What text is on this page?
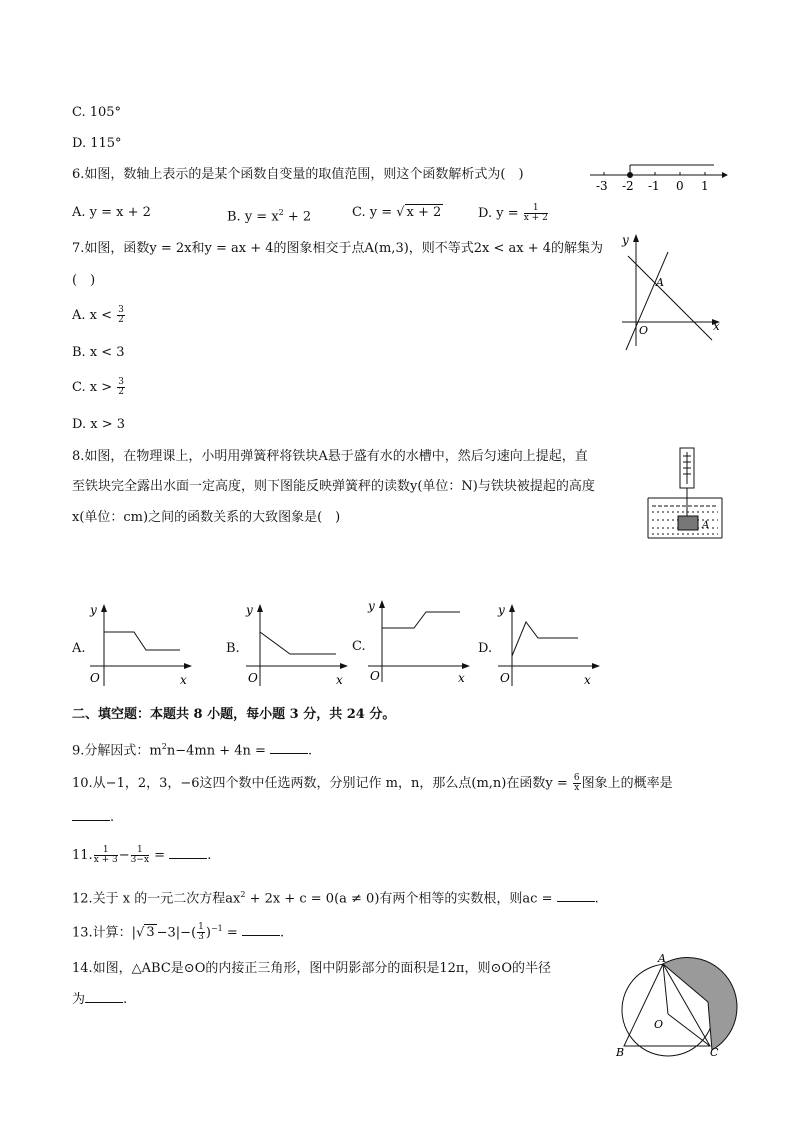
C. 105°
D. 115°
6.如图，数轴上表示的是某个函数自变量的取值范围，则这个函数解析式为(　)
-3 -2 -1 0 1
A. y = x + 2	B. $y = x^2 + 2$	C. y = √ x + 2	D. $y = \frac{1}{x + 2}$
7.如图，函数y = 2x和y = ax + 4的图象相交于点A(m,3)，则不等式2x < ax + 4的解集为
(　)
A. $x < \frac{3}{2}$
B. x < 3
C. $x > \frac{3}{2}$
D. x > 3
y
x
A
O
8.如图，在物理课上，小明用弹簧秤将铁块A悬于盛有水的水槽中，然后匀速向上提起，直
至铁块完全露出水面一定高度，则下图能反映弹簧秤的读数y(单位：N)与铁块被提起的高度
x(单位：cm)之间的函数关系的大致图象是(　)
A
A.
y
x
O
B.
y
x
O
C.
y
x
O
D.
y
x
O
二、填空题：本题共 8 小题，每小题 3 分，共 24 分。
9.分解因式：$m^2n-4mn + 4n$ =	.
10.从−1，2，3，−6这四个数中任选两数，分别记作 m，n，那么点(m,n)在函数$y = \frac{6}{x}$ 图象上的概率是
.
11. $\frac{1}{x + 3} - \frac{1}{3-x}$ =	.
12.关于 x 的一元二次方程$ax^2 + 2x + c = 0(a \ne 0)$有两个相等的实数根，则ac =	.
13.计算：|√ $3 -3|-( \frac{1}{3} )^{-1}$ =	.
14.如图，△ABC是⊙O的内接正三角形，图中阴影部分的面积是12π，则⊙O的半径
为	.
A
B	C
O
